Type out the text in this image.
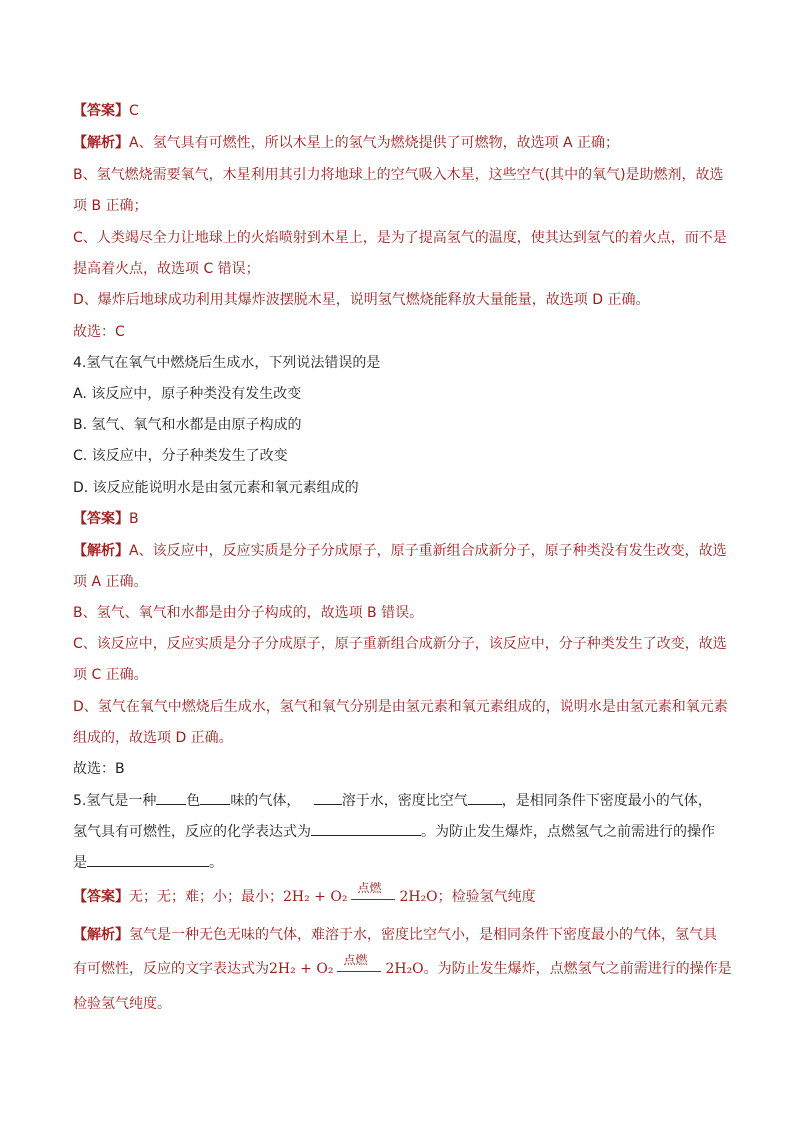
【答案】C
【解析】A、氢气具有可燃性，所以木星上的氢气为燃烧提供了可燃物，故选项 A 正确；
B、氢气燃烧需要氧气，木星利用其引力将地球上的空气吸入木星，这些空气(其中的氧气)是助燃剂，故选
项 B 正确；
C、人类竭尽全力让地球上的火焰喷射到木星上，是为了提高氢气的温度，使其达到氢气的着火点，而不是
提高着火点，故选项 C 错误；
D、爆炸后地球成功利用其爆炸波摆脱木星，说明氢气燃烧能释放大量能量，故选项 D 正确。
故选：C
4.氢气在氧气中燃烧后生成水，下列说法错误的是
A. 该反应中，原子种类没有发生改变
B. 氢气、氧气和水都是由原子构成的
C. 该反应中，分子种类发生了改变
D. 该反应能说明水是由氢元素和氧元素组成的
【答案】B
【解析】A、该反应中，反应实质是分子分成原子，原子重新组合成新分子，原子种类没有发生改变，故选
项 A 正确。
B、氢气、氧气和水都是由分子构成的，故选项 B 错误。
C、该反应中，反应实质是分子分成原子，原子重新组合成新分子，该反应中，分子种类发生了改变，故选
项 C 正确。
D、氢气在氧气中燃烧后生成水，氢气和氧气分别是由氢元素和氧元素组成的，说明水是由氢元素和氧元素
组成的，故选项 D 正确。
故选：B
5.氢气是一种 色 味的气体，	溶于水，密度比空气 ，是相同条件下密度最小的气体，
氢气具有可燃性，反应的化学表达式为	。为防止发生爆炸，点燃氢气之前需进行的操作
是	。
【答案】无；无；难；小；最小；2H₂ + O₂
点燃
2H₂O；检验氢气纯度
【解析】氢气是一种无色无味的气体，难溶于水，密度比空气小，是相同条件下密度最小的气体，氢气具
有可燃性，反应的文字表达式为2H₂ + O₂
点燃
2H₂O。为防止发生爆炸，点燃氢气之前需进行的操作是
检验氢气纯度。
